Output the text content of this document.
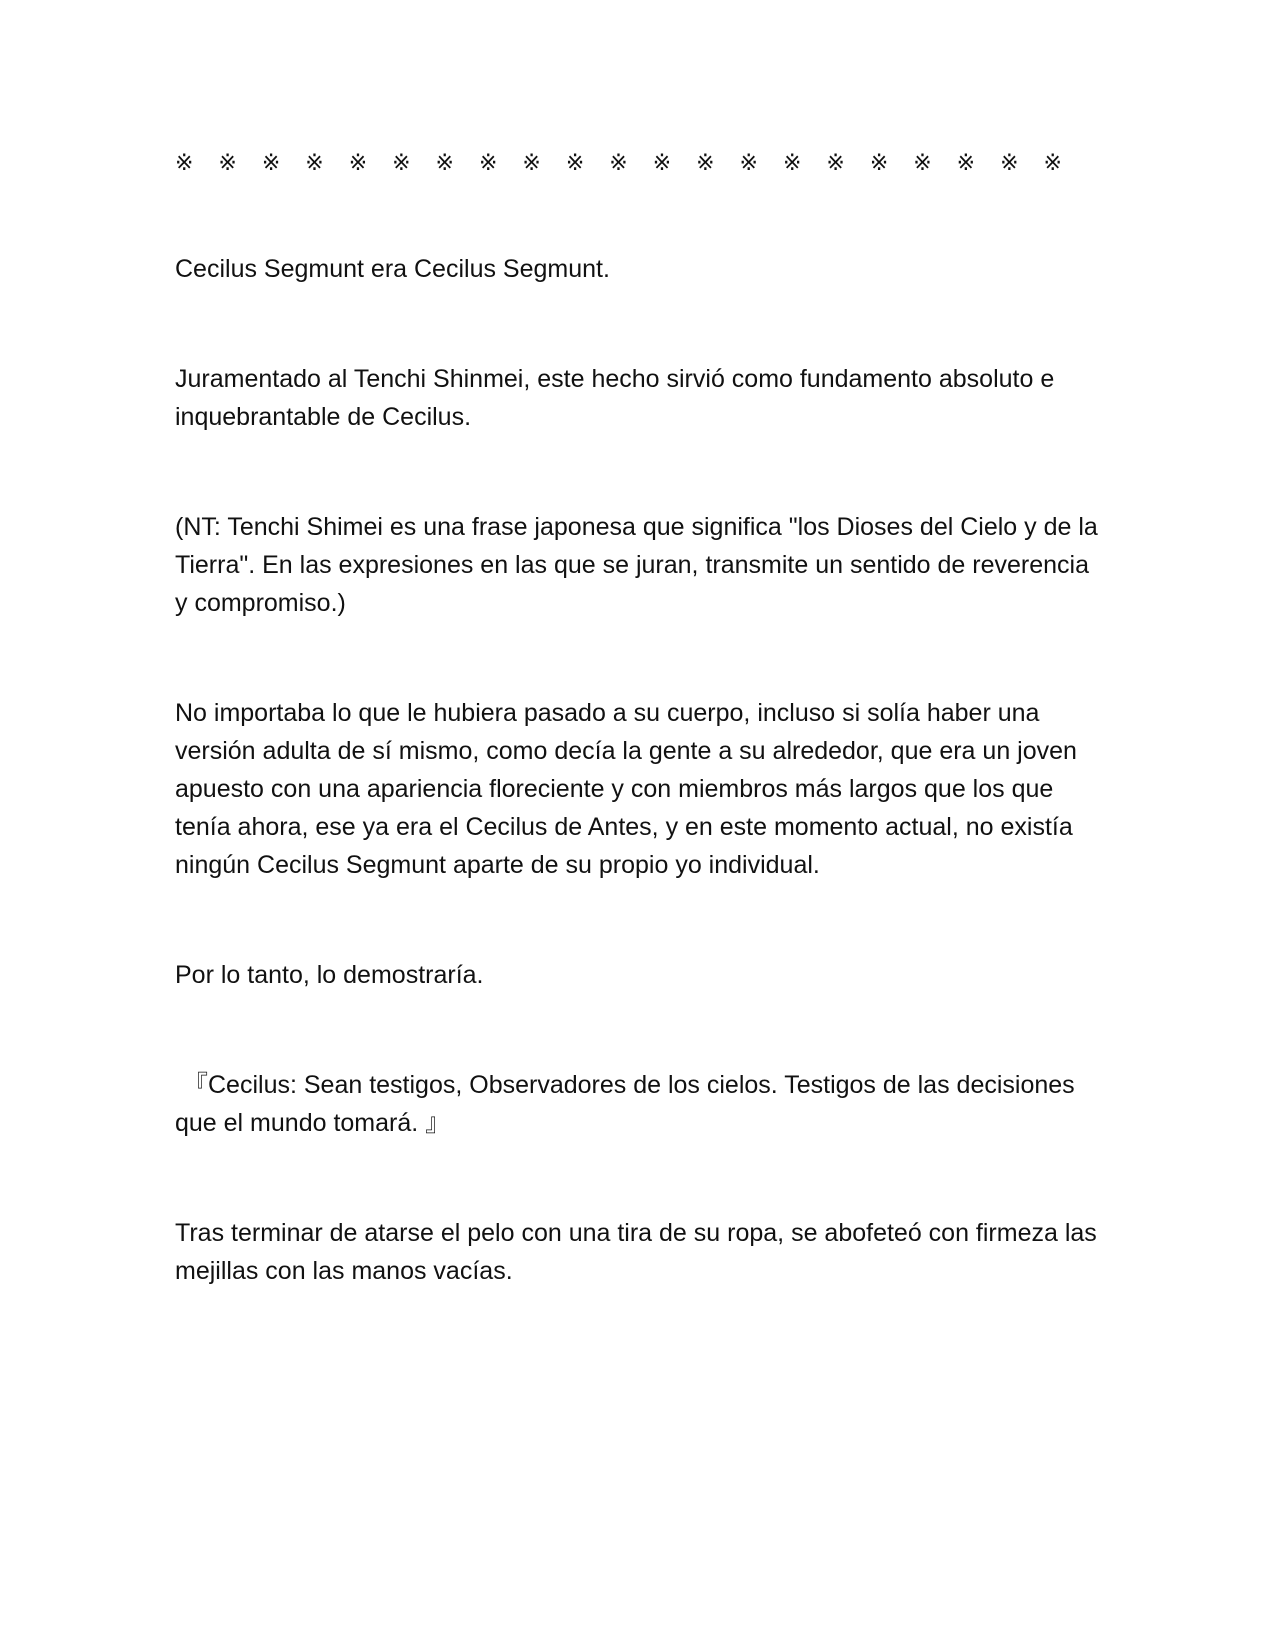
※ ※ ※ ※ ※ ※ ※ ※ ※ ※ ※ ※ ※ ※ ※ ※ ※ ※ ※ ※ ※

Cecilus Segmunt era Cecilus Segmunt.

Juramentado al Tenchi Shinmei, este hecho sirvió como fundamento absoluto e inquebrantable de Cecilus.

(NT: Tenchi Shimei es una frase japonesa que significa "los Dioses del Cielo y de la Tierra". En las expresiones en las que se juran, transmite un sentido de reverencia y compromiso.)

No importaba lo que le hubiera pasado a su cuerpo, incluso si solía haber una versión adulta de sí mismo, como decía la gente a su alrededor, que era un joven apuesto con una apariencia floreciente y con miembros más largos que los que tenía ahora, ese ya era el Cecilus de Antes, y en este momento actual, no existía ningún Cecilus Segmunt aparte de su propio yo individual.

Por lo tanto, lo demostraría.

『Cecilus: Sean testigos, Observadores de los cielos. Testigos de las decisiones que el mundo tomará. 』

Tras terminar de atarse el pelo con una tira de su ropa, se abofeteó con firmeza las mejillas con las manos vacías.
